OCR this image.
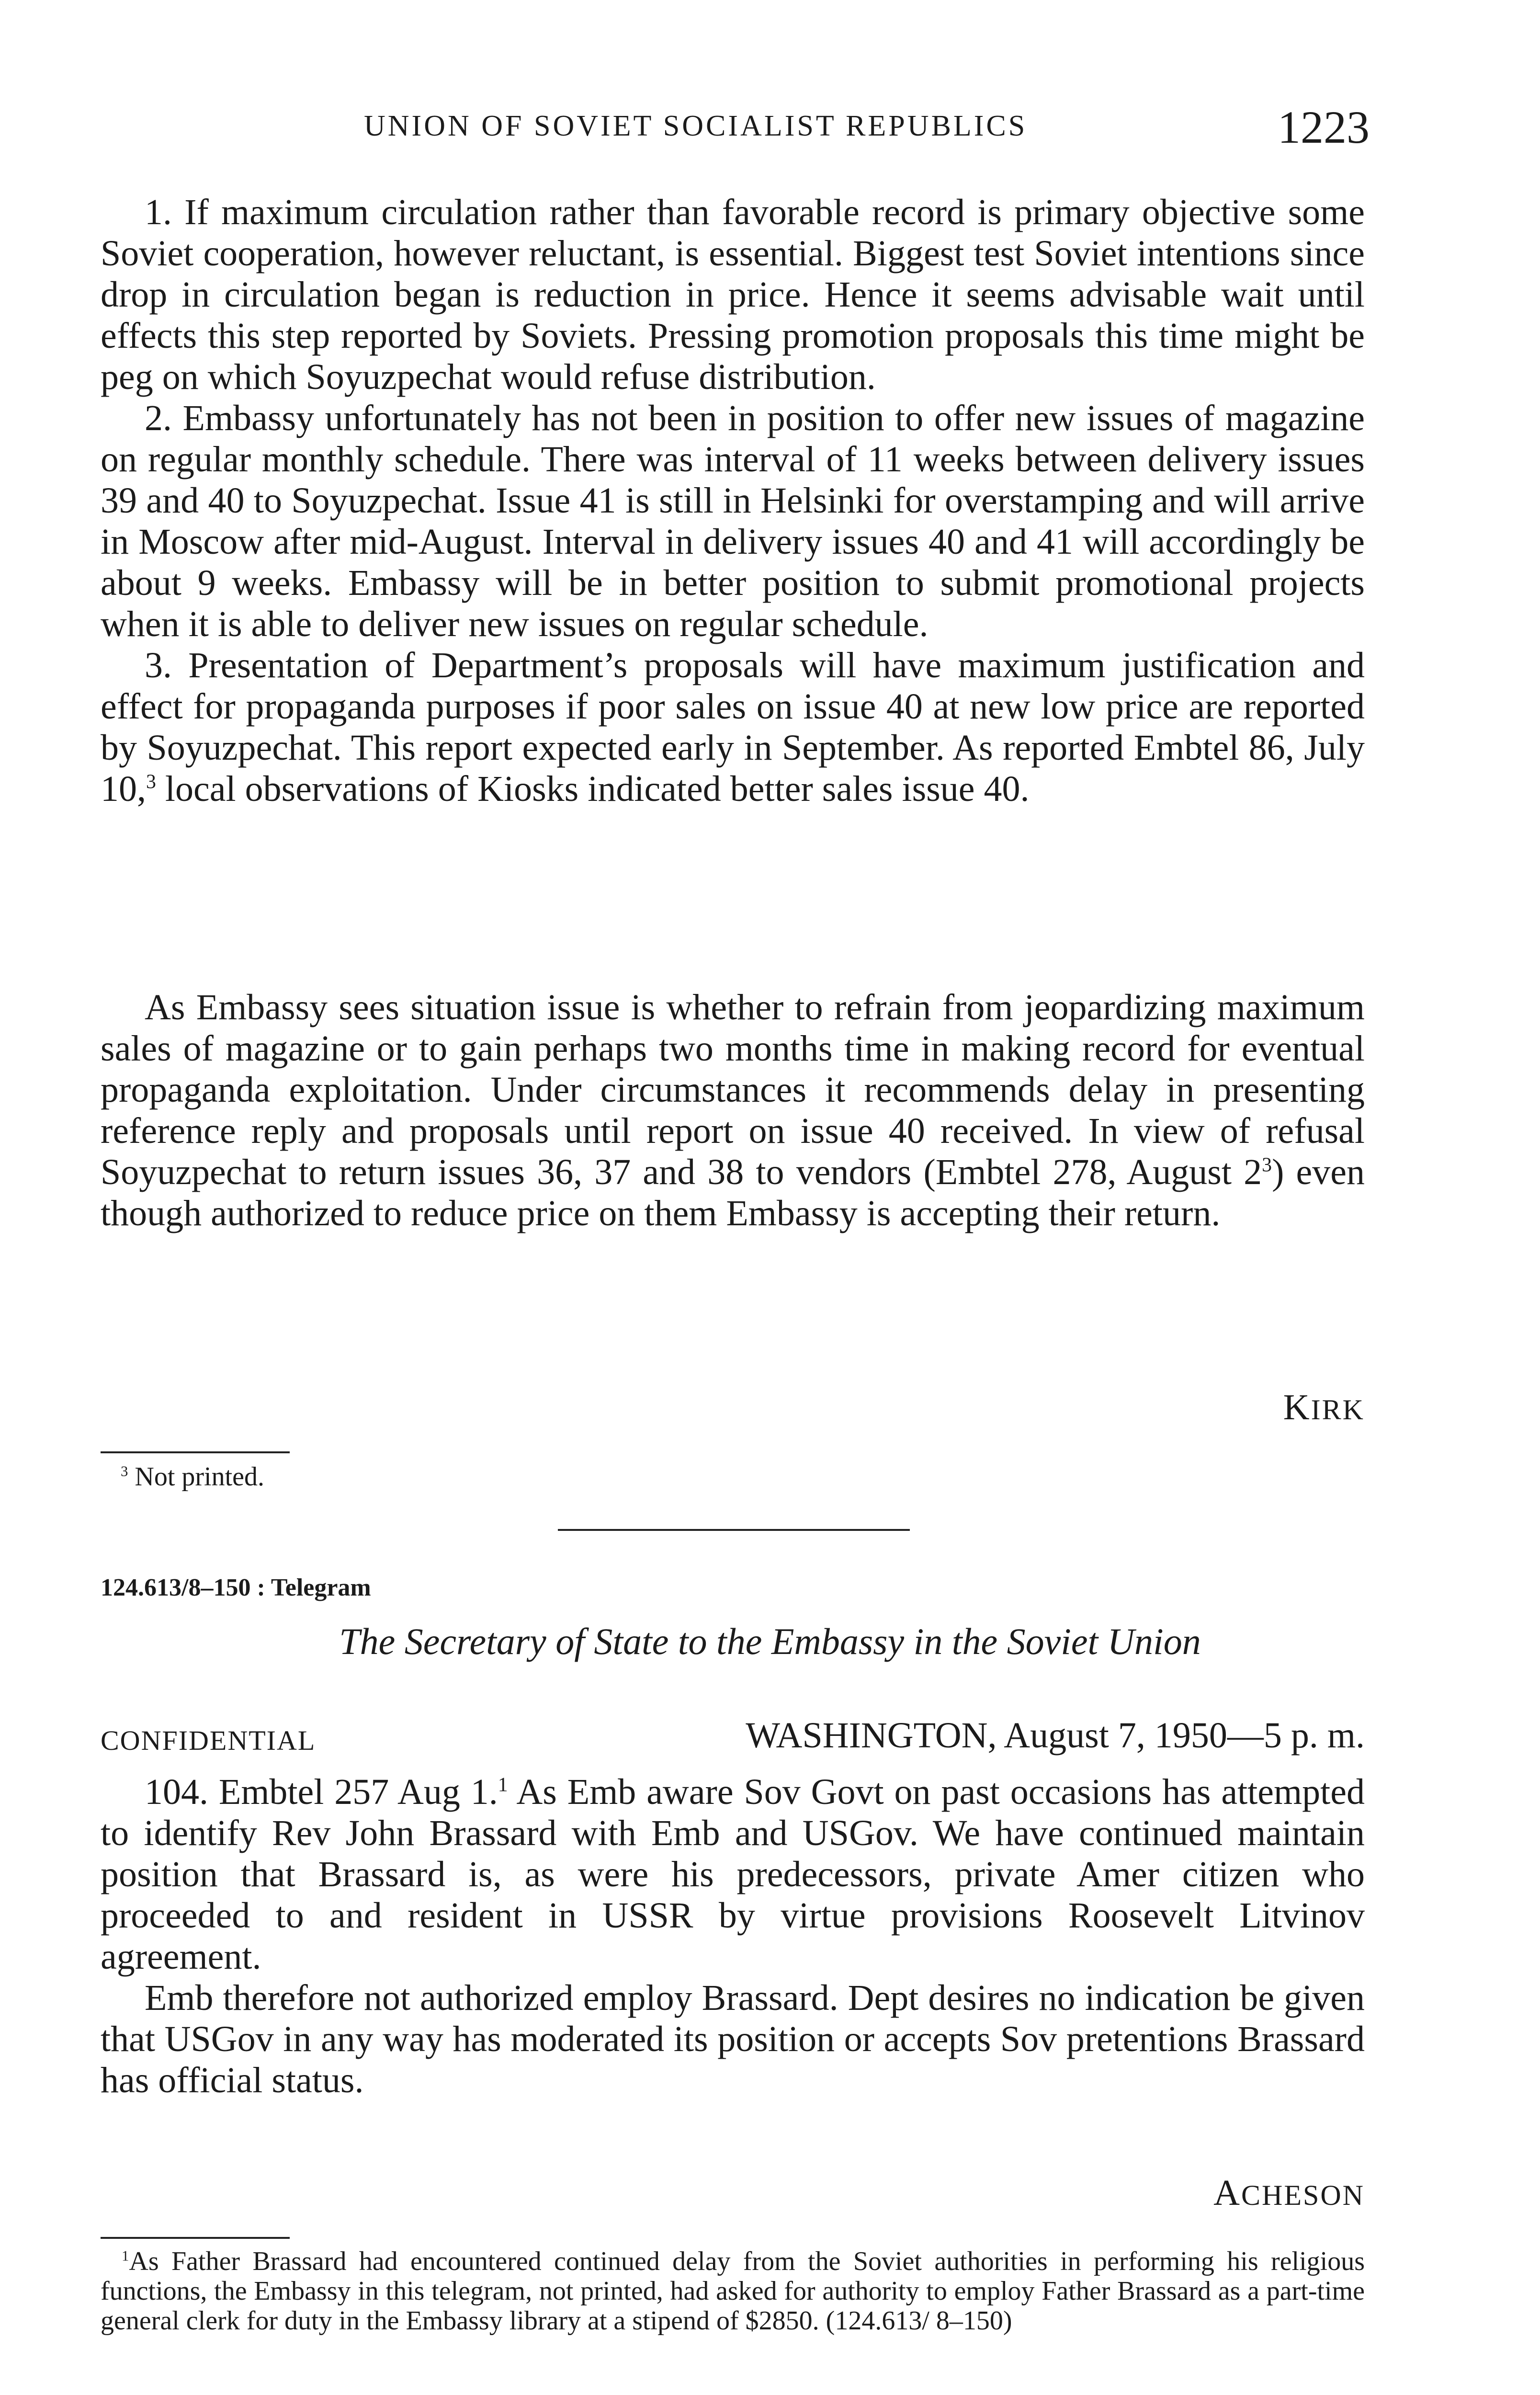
UNION OF SOVIET SOCIALIST REPUBLICS	1223

1. If maximum circulation rather than favorable record is primary objective some Soviet cooperation, however reluctant, is essential. Biggest test Soviet intentions since drop in circulation began is reduction in price. Hence it seems advisable wait until effects this step reported by Soviets. Pressing promotion proposals this time might be peg on which Soyuzpechat would refuse distribution.

2. Embassy unfortunately has not been in position to offer new issues of magazine on regular monthly schedule. There was interval of 11 weeks between delivery issues 39 and 40 to Soyuzpechat. Issue 41 is still in Helsinki for overstamping and will arrive in Moscow after mid-August. Interval in delivery issues 40 and 41 will accordingly be about 9 weeks. Embassy will be in better position to submit promotional projects when it is able to deliver new issues on regular schedule.

3. Presentation of Department’s proposals will have maximum justification and effect for propaganda purposes if poor sales on issue 40 at new low price are reported by Soyuzpechat. This report expected early in September. As reported Embtel 86, July 10,$^3$ local observations of Kiosks indicated better sales issue 40.

As Embassy sees situation issue is whether to refrain from jeopardizing maximum sales of magazine or to gain perhaps two months time in making record for eventual propaganda exploitation. Under circumstances it recommends delay in presenting reference reply and proposals until report on issue 40 received. In view of refusal Soyuzpechat to return issues 36, 37 and 38 to vendors (Embtel 278, August $2^3$) even though authorized to reduce price on them Embassy is accepting their return.

KIRK
$^3$ Not printed.
124.613/8–150 : Telegram
The Secretary of State to the Embassy in the Soviet Union
CONFIDENTIAL	WASHINGTON, August 7, 1950—5 p. m.

104. Embtel 257 Aug 1.$^1$ As Emb aware Sov Govt on past occasions has attempted to identify Rev John Brassard with Emb and USGov. We have continued maintain position that Brassard is, as were his predecessors, private Amer citizen who proceeded to and resident in USSR by virtue provisions Roosevelt Litvinov agreement.

Emb therefore not authorized employ Brassard. Dept desires no indication be given that USGov in any way has moderated its position or accepts Sov pretentions Brassard has official status.

ACHESON

$^1$As Father Brassard had encountered continued delay from the Soviet authorities in performing his religious functions, the Embassy in this telegram, not printed, had asked for authority to employ Father Brassard as a part-time general clerk for duty in the Embassy library at a stipend of $2850. (124.613/ 8–150)
